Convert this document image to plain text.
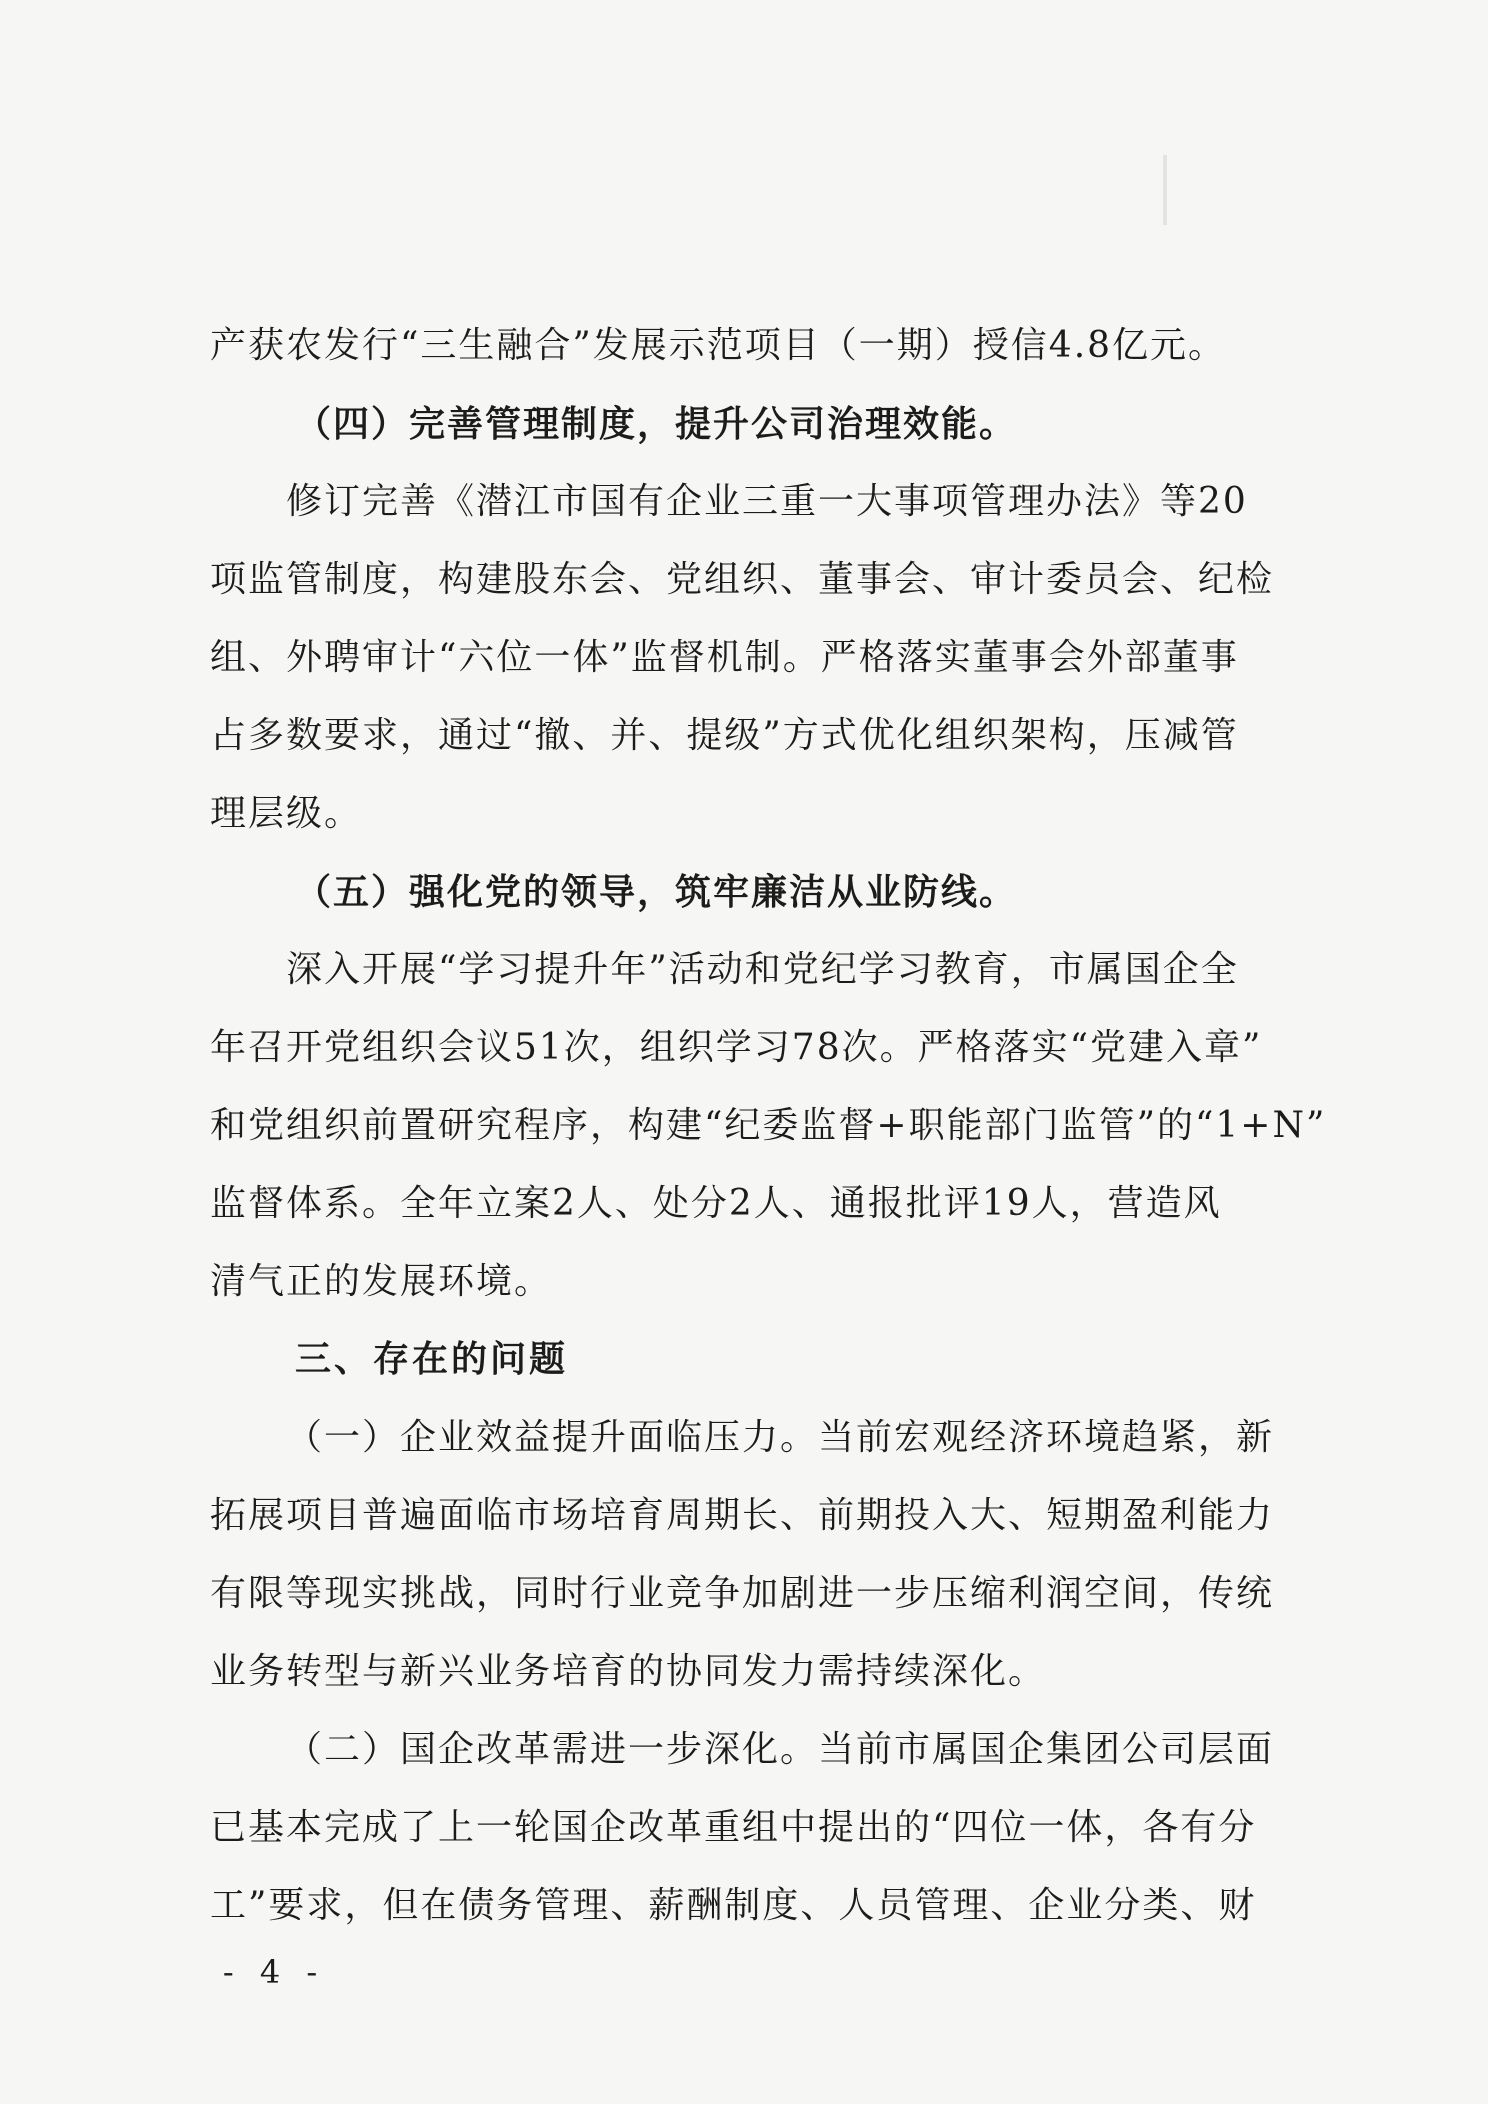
产获农发行“三生融合”发展示范项目（一期）授信4.8亿元。
（四）完善管理制度，提升公司治理效能。
修订完善《潜江市国有企业三重一大事项管理办法》等20
项监管制度，构建股东会、党组织、董事会、审计委员会、纪检
组、外聘审计“六位一体”监督机制。严格落实董事会外部董事
占多数要求，通过“撤、并、提级”方式优化组织架构，压减管
理层级。
（五）强化党的领导，筑牢廉洁从业防线。
深入开展“学习提升年”活动和党纪学习教育，市属国企全
年召开党组织会议51次，组织学习78次。严格落实“党建入章”
和党组织前置研究程序，构建“纪委监督+职能部门监管”的“1+N”
监督体系。全年立案2人、处分2人、通报批评19人，营造风
清气正的发展环境。
三、存在的问题
（一）企业效益提升面临压力。当前宏观经济环境趋紧，新
拓展项目普遍面临市场培育周期长、前期投入大、短期盈利能力
有限等现实挑战，同时行业竞争加剧进一步压缩利润空间，传统
业务转型与新兴业务培育的协同发力需持续深化。
（二）国企改革需进一步深化。当前市属国企集团公司层面
已基本完成了上一轮国企改革重组中提出的“四位一体，各有分
工”要求，但在债务管理、薪酬制度、人员管理、企业分类、财
- 4 -
